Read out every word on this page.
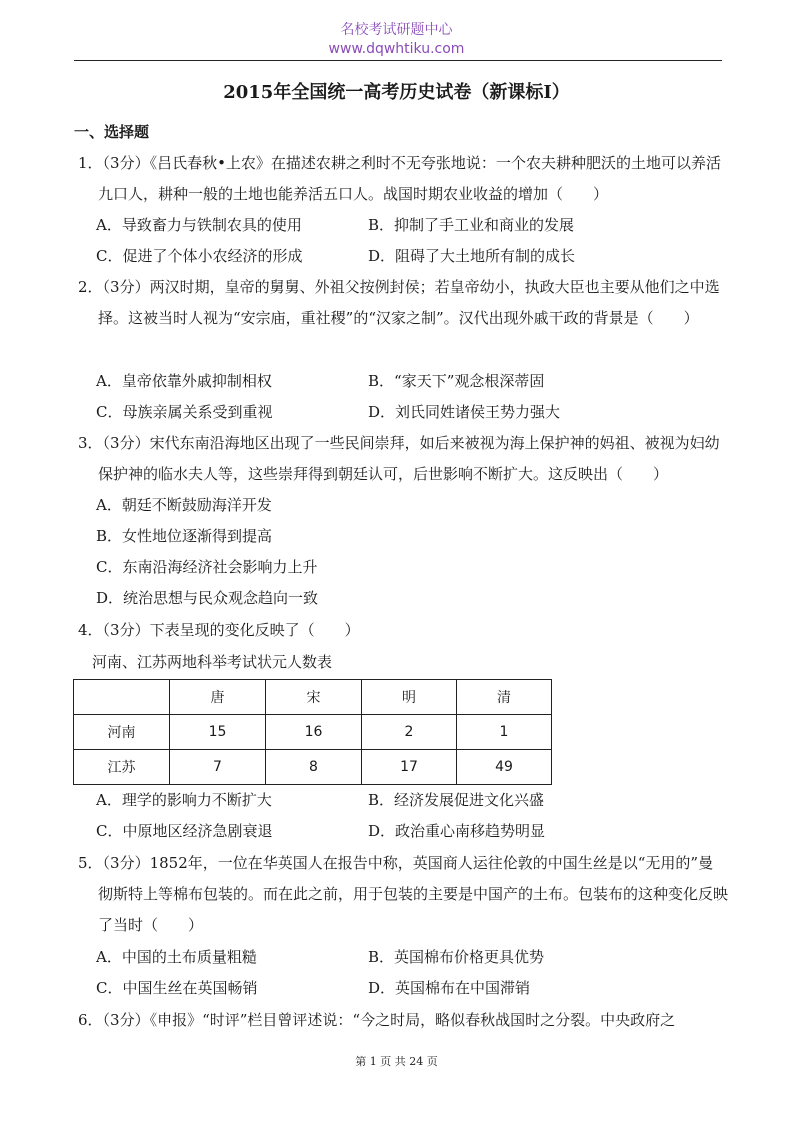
名校考试研题中心
www.dqwhtiku.com
2015年全国统一高考历史试卷（新课标Ⅰ）
一、选择题
1．（3分）《吕氏春秋•上农》在描述农耕之利时不无夸张地说：一个农夫耕种肥沃的土地可以养活九口人，耕种一般的土地也能养活五口人。战国时期农业收益的增加（　　）
A．导致畜力与铁制农具的使用	B．抑制了手工业和商业的发展
C．促进了个体小农经济的形成	D．阻碍了大土地所有制的成长
2．（3分）两汉时期，皇帝的舅舅、外祖父按例封侯；若皇帝幼小，执政大臣也主要从他们之中选择。这被当时人视为“安宗庙，重社稷”的“汉家之制”。汉代出现外戚干政的背景是（　　）
A．皇帝依靠外戚抑制相权	B．“家天下”观念根深蒂固
C．母族亲属关系受到重视	D．刘氏同姓诸侯王势力强大
3．（3分）宋代东南沿海地区出现了一些民间崇拜，如后来被视为海上保护神的妈祖、被视为妇幼保护神的临水夫人等，这些崇拜得到朝廷认可，后世影响不断扩大。这反映出（　　）
A．朝廷不断鼓励海洋开发
B．女性地位逐渐得到提高
C．东南沿海经济社会影响力上升
D．统治思想与民众观念趋向一致
4．（3分）下表呈现的变化反映了（　　）
河南、江苏两地科举考试状元人数表
	唐	宋	明	清
河南	15	16	2	1
江苏	7	8	17	49
A．理学的影响力不断扩大	B．经济发展促进文化兴盛
C．中原地区经济急剧衰退	D．政治重心南移趋势明显
5．（3分）1852年，一位在华英国人在报告中称，英国商人运往伦敦的中国生丝是以“无用的”曼彻斯特上等棉布包装的。而在此之前，用于包装的主要是中国产的土布。包装布的这种变化反映了当时（　　）
A．中国的土布质量粗糙	B．英国棉布价格更具优势
C．中国生丝在英国畅销	D．英国棉布在中国滞销
6．（3分）《申报》“时评”栏目曾评述说：“今之时局，略似春秋战国时之分裂。中央政府之
第 1 页 共 24 页
